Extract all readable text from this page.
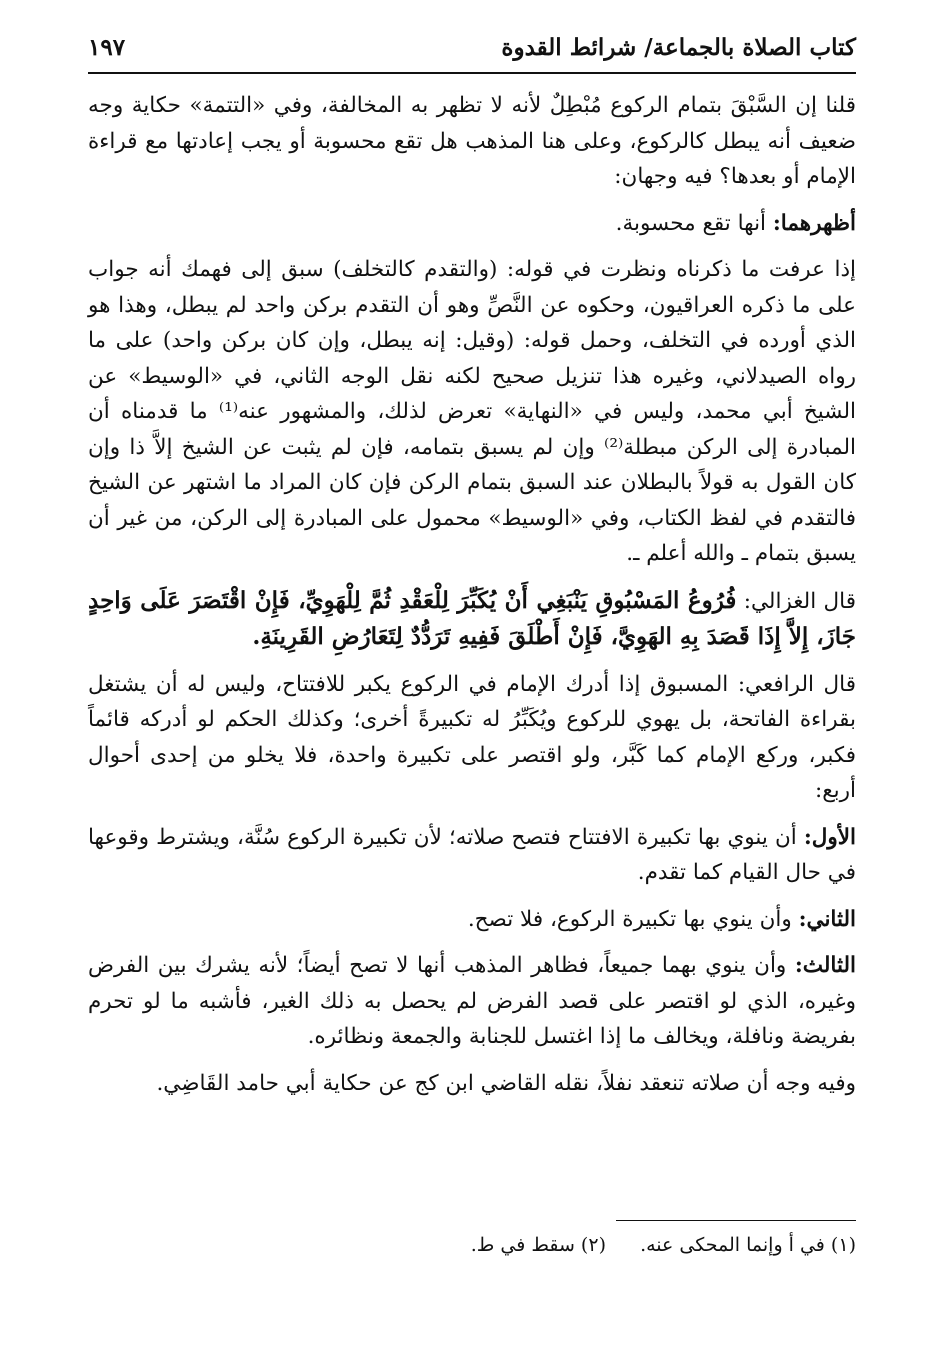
كتاب الصلاة بالجماعة/ شرائط القدوة
١٩٧

قلنا إن السَّبْقَ بتمام الركوع مُبْطِلٌ لأنه لا تظهر به المخالفة، وفي «التتمة» حكاية وجه ضعيف أنه يبطل كالركوع، وعلى هنا المذهب هل تقع محسوبة أو يجب إعادتها مع قراءة الإمام أو بعدها؟ فيه وجهان:

أظهرهما: أنها تقع محسوبة.

إذا عرفت ما ذكرناه ونظرت في قوله: (والتقدم كالتخلف) سبق إلى فهمك أنه جواب على ما ذكره العراقيون، وحكوه عن النَّصِّ وهو أن التقدم بركن واحد لم يبطل، وهذا هو الذي أورده في التخلف، وحمل قوله: (وقيل: إنه يبطل، وإن كان بركن واحد) على ما رواه الصيدلاني، وغيره هذا تنزيل صحيح لكنه نقل الوجه الثاني، في «الوسيط» عن الشيخ أبي محمد، وليس في «النهاية» تعرض لذلك، والمشهور عنه⁽¹⁾ ما قدمناه أن المبادرة إلى الركن مبطلة⁽²⁾ وإن لم يسبق بتمامه، فإن لم يثبت عن الشيخ إلاَّ ذا وإن كان القول به قولاً بالبطلان عند السبق بتمام الركن فإن كان المراد ما اشتهر عن الشيخ فالتقدم في لفظ الكتاب، وفي «الوسيط» محمول على المبادرة إلى الركن، من غير أن يسبق بتمام ـ والله أعلم ـ.

قال الغزالي: فُرُوعُ المَسْبُوقِ يَنْبَغِي أَنْ يُكَبِّرَ لِلْعَقْدِ ثُمَّ لِلْهَوِيِّ، فَإِنْ اقْتَصَرَ عَلَى وَاحِدٍ جَازَ، إِلاَّ إِذَا قَصَدَ بِهِ الهَوِيَّ، فَإِنْ أَطْلَقَ فَفِيهِ تَرَدُّدٌ لِتَعَارُضِ القَرِينَةِ.

قال الرافعي: المسبوق إذا أدرك الإمام في الركوع يكبر للافتتاح، وليس له أن يشتغل بقراءة الفاتحة، بل يهوي للركوع ويُكَبِّرُ له تكبيرةً أخرى؛ وكذلك الحكم لو أدركه قائماً فكبر، وركع الإمام كما كَبَّر، ولو اقتصر على تكبيرة واحدة، فلا يخلو من إحدى أحوال أربع:

الأول: أن ينوي بها تكبيرة الافتتاح فتصح صلاته؛ لأن تكبيرة الركوع سُنَّة، ويشترط وقوعها في حال القيام كما تقدم.

الثاني: وأن ينوي بها تكبيرة الركوع، فلا تصح.

الثالث: وأن ينوي بهما جميعاً، فظاهر المذهب أنها لا تصح أيضاً؛ لأنه يشرك بين الفرض وغيره، الذي لو اقتصر على قصد الفرض لم يحصل به ذلك الغير، فأشبه ما لو تحرم بفريضة ونافلة، ويخالف ما إذا اغتسل للجنابة والجمعة ونظائره.

وفيه وجه أن صلاته تنعقد نفلاً، نقله القاضي ابن كج عن حكاية أبي حامد القَاضِي.

(١) في أ وإنما المحكى عنه.
(٢) سقط في ط.
